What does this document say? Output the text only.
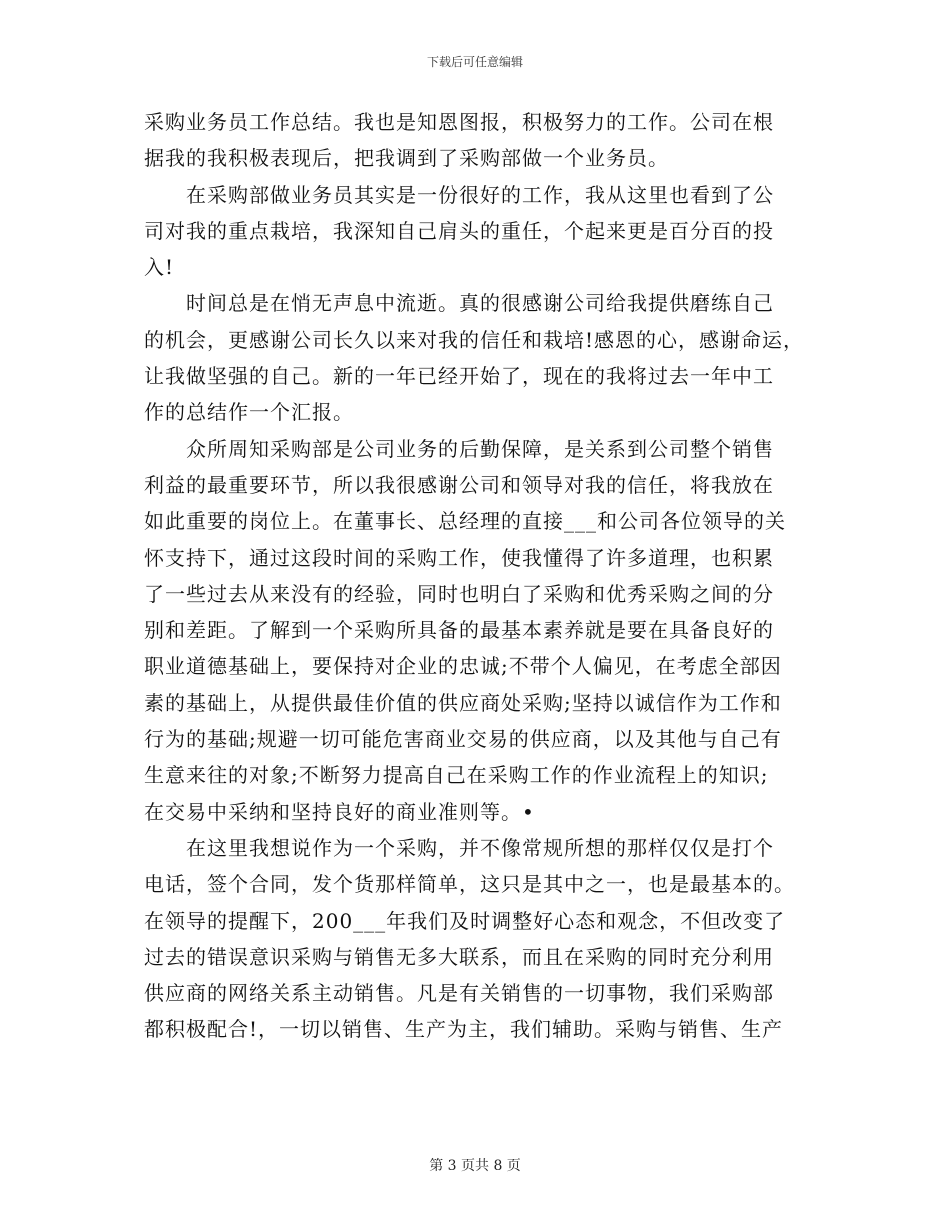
下载后可任意编辑
采购业务员工作总结。我也是知恩图报，积极努力的工作。公司在根
据我的我积极表现后，把我调到了采购部做一个业务员。
　　在采购部做业务员其实是一份很好的工作，我从这里也看到了公
司对我的重点栽培，我深知自己肩头的重任，个起来更是百分百的投
入!
　　时间总是在悄无声息中流逝。真的很感谢公司给我提供磨练自己
的机会，更感谢公司长久以来对我的信任和栽培!感恩的心，感谢命运，
让我做坚强的自己。新的一年已经开始了，现在的我将过去一年中工
作的总结作一个汇报。
　　众所周知采购部是公司业务的后勤保障，是关系到公司整个销售
利益的最重要环节，所以我很感谢公司和领导对我的信任，将我放在
如此重要的岗位上。在董事长、总经理的直接___和公司各位领导的关
怀支持下，通过这段时间的采购工作，使我懂得了许多道理，也积累
了一些过去从来没有的经验，同时也明白了采购和优秀采购之间的分
别和差距。了解到一个采购所具备的最基本素养就是要在具备良好的
职业道德基础上，要保持对企业的忠诚;不带个人偏见，在考虑全部因
素的基础上，从提供最佳价值的供应商处采购;坚持以诚信作为工作和
行为的基础;规避一切可能危害商业交易的供应商，以及其他与自己有
生意来往的对象;不断努力提高自己在采购工作的作业流程上的知识;
在交易中采纳和坚持良好的商业准则等。•
　　在这里我想说作为一个采购，并不像常规所想的那样仅仅是打个
电话，签个合同，发个货那样简单，这只是其中之一，也是最基本的。
在领导的提醒下，200___年我们及时调整好心态和观念，不但改变了
过去的错误意识采购与销售无多大联系，而且在采购的同时充分利用
供应商的网络关系主动销售。凡是有关销售的一切事物，我们采购部
都积极配合!，一切以销售、生产为主，我们辅助。采购与销售、生产
第 3 页共 8 页
